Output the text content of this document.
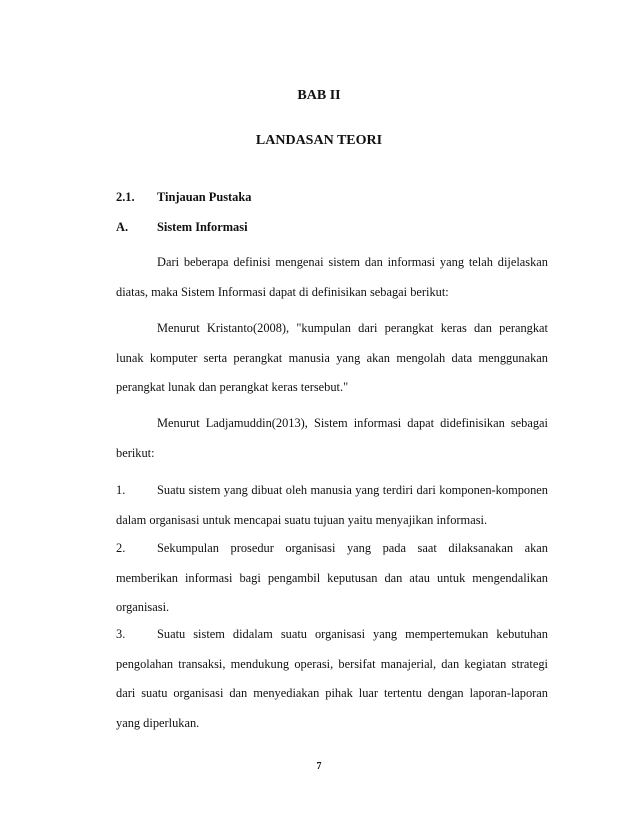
BAB II
LANDASAN TEORI
2.1. Tinjauan Pustaka
A. Sistem Informasi
Dari beberapa definisi mengenai sistem dan informasi yang telah dijelaskan diatas, maka Sistem Informasi dapat di definisikan sebagai berikut:
Menurut Kristanto(2008), "kumpulan dari perangkat keras dan perangkat lunak komputer serta perangkat manusia yang akan mengolah data menggunakan perangkat lunak dan perangkat keras tersebut."
Menurut Ladjamuddin(2013), Sistem informasi dapat didefinisikan sebagai berikut:
1.	Suatu sistem yang dibuat oleh manusia yang terdiri dari komponen-komponen dalam organisasi untuk mencapai suatu tujuan yaitu menyajikan informasi.
2.	Sekumpulan prosedur organisasi yang pada saat dilaksanakan akan memberikan informasi bagi pengambil keputusan dan atau untuk mengendalikan organisasi.
3.	Suatu sistem didalam suatu organisasi yang mempertemukan kebutuhan pengolahan transaksi, mendukung operasi, bersifat manajerial, dan kegiatan strategi dari suatu organisasi dan menyediakan pihak luar tertentu dengan laporan-laporan yang diperlukan.
7
